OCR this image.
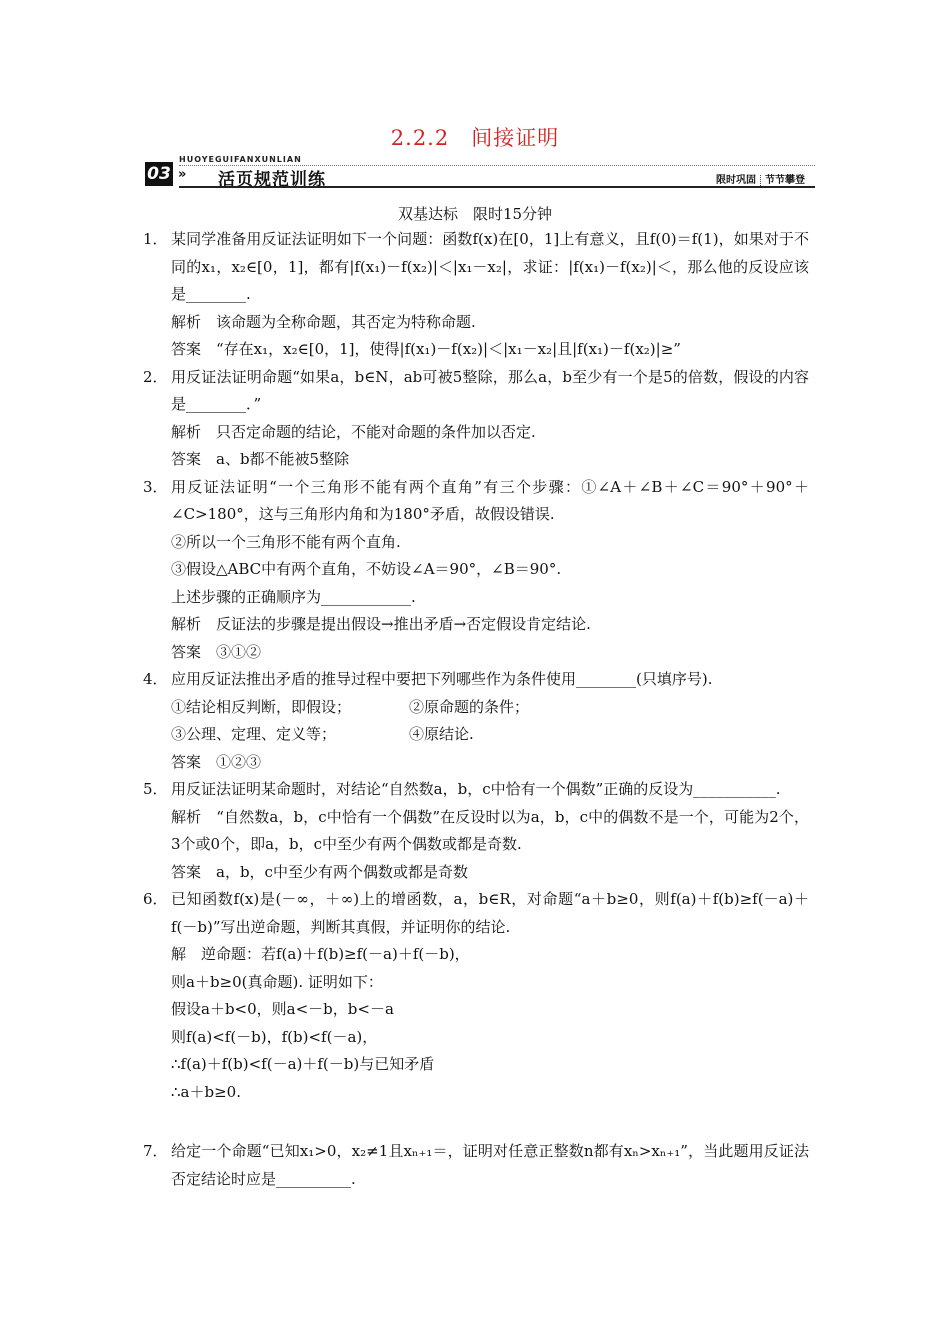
2.2.2　间接证明
03
HUOYEGUIFANXUNLIAN
» 活页规范训练	限时巩固 节节攀登
双基达标　限时15分钟
1． 某同学准备用反证法证明如下一个问题：函数f(x)在[0，1]上有意义，且f(0)＝f(1)，如果对于不同的x₁，x₂∈[0，1]，都有|f(x₁)－f(x₂)|＜|x₁－x₂|，求证：|f(x₁)－f(x₂)|＜，那么他的反设应该是________.
解析　该命题为全称命题，其否定为特称命题.
答案　“存在x₁，x₂∈[0，1]，使得|f(x₁)－f(x₂)|＜|x₁－x₂|且|f(x₁)－f(x₂)|≥”
2． 用反证法证明命题“如果a，b∈N，ab可被5整除，那么a，b至少有一个是5的倍数，假设的内容是________．”
解析　只否定命题的结论，不能对命题的条件加以否定.
答案　a、b都不能被5整除
3． 用反证法证明“一个三角形不能有两个直角”有三个步骤：①∠A＋∠B＋∠C＝90°＋90°＋∠C>180°，这与三角形内角和为180°矛盾，故假设错误.
②所以一个三角形不能有两个直角.
③假设△ABC中有两个直角，不妨设∠A＝90°，∠B＝90°.
上述步骤的正确顺序为____________.
解析　反证法的步骤是提出假设→推出矛盾→否定假设肯定结论.
答案　③①②
4． 应用反证法推出矛盾的推导过程中要把下列哪些作为条件使用________(只填序号).
①结论相反判断，即假设；	②原命题的条件；
③公理、定理、定义等；	④原结论.
答案　①②③
5． 用反证法证明某命题时，对结论“自然数a，b，c中恰有一个偶数”正确的反设为___________.
解析　“自然数a，b，c中恰有一个偶数”在反设时以为a，b，c中的偶数不是一个，可能为2个，3个或0个，即a，b，c中至少有两个偶数或都是奇数.
答案　a，b，c中至少有两个偶数或都是奇数
6． 已知函数f(x)是(－∞，＋∞)上的增函数，a，b∈R，对命题“a＋b≥0，则f(a)＋f(b)≥f(－a)＋f(－b)”写出逆命题，判断其真假，并证明你的结论.
解　逆命题：若f(a)＋f(b)≥f(－a)＋f(－b)，
则a＋b≥0(真命题). 证明如下：
假设a＋b<0，则a<－b，b<－a
则f(a)<f(－b)，f(b)<f(－a)，
∴f(a)＋f(b)<f(－a)＋f(－b)与已知矛盾
∴a＋b≥0.
7． 给定一个命题“已知x₁>0，x₂≠1且xₙ₊₁＝，证明对任意正整数n都有xₙ>xₙ₊₁”，当此题用反证法否定结论时应是__________.
